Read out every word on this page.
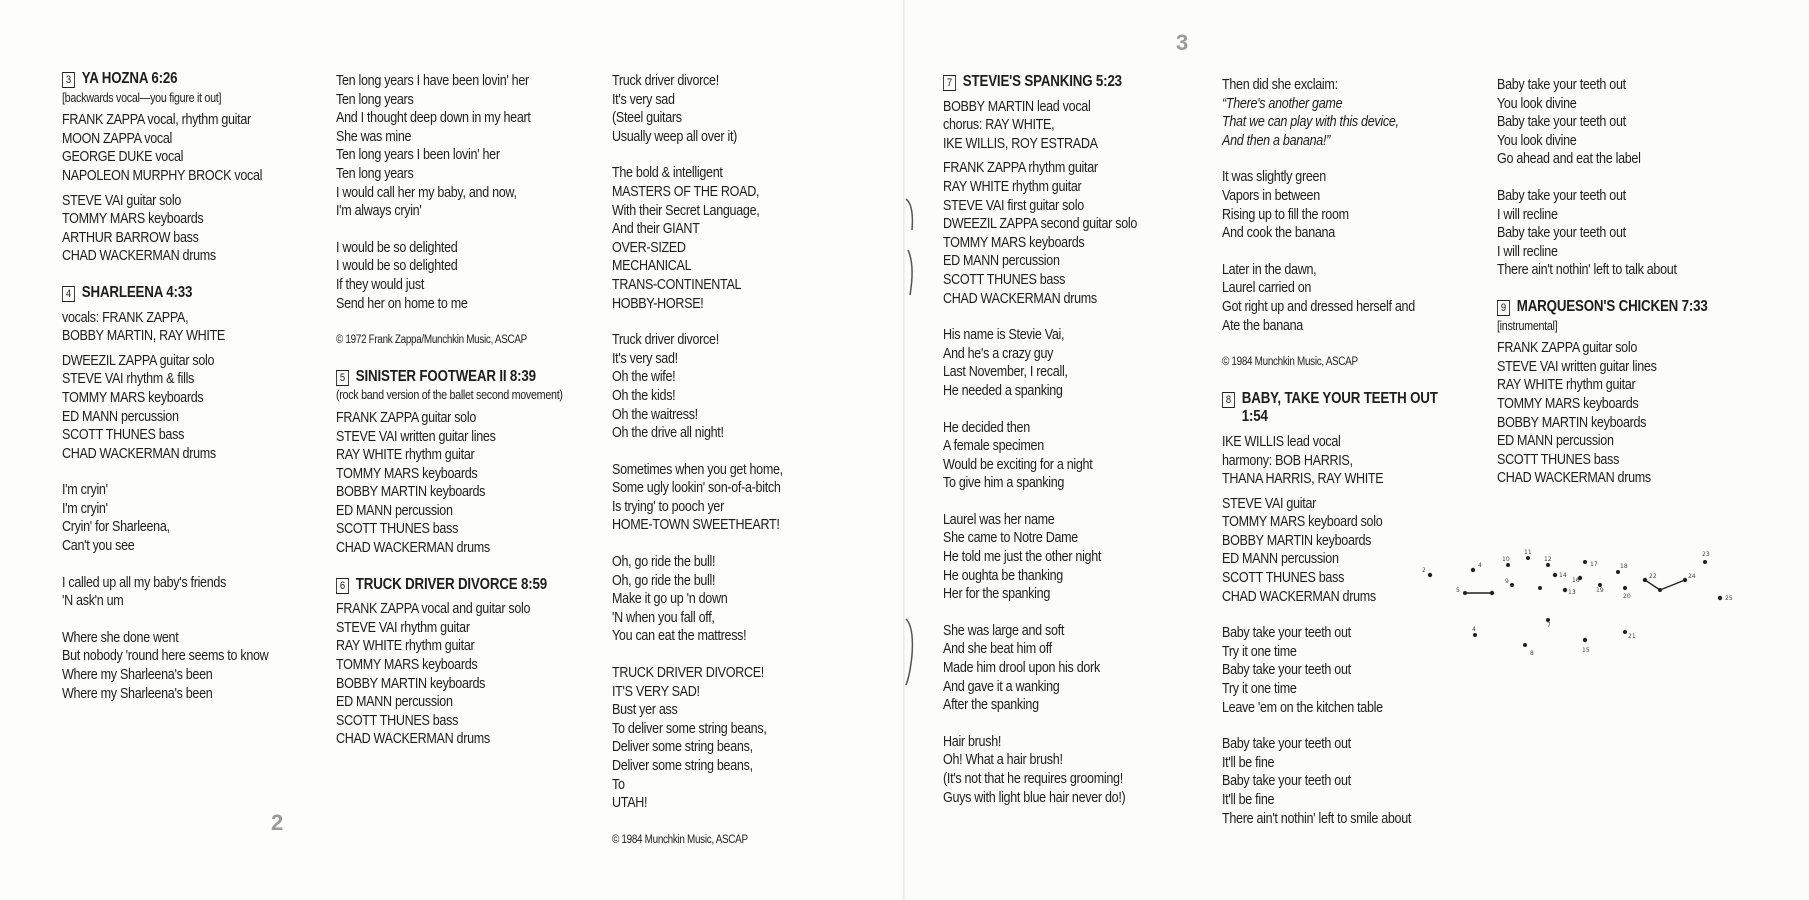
3 YA HOZNA 6:26
[backwards vocal—you figure it out]
FRANK ZAPPA vocal, rhythm guitar
MOON ZAPPA vocal
GEORGE DUKE vocal
NAPOLEON MURPHY BROCK vocal
STEVE VAI guitar solo
TOMMY MARS keyboards
ARTHUR BARROW bass
CHAD WACKERMAN drums
4 SHARLEENA 4:33
vocals: FRANK ZAPPA,
BOBBY MARTIN, RAY WHITE
DWEEZIL ZAPPA guitar solo
STEVE VAI rhythm & fills
TOMMY MARS keyboards
ED MANN percussion
SCOTT THUNES bass
CHAD WACKERMAN drums
I'm cryin'
I'm cryin'
Cryin' for Sharleena,
Can't you see
I called up all my baby's friends
'N ask'n um
Where she done went
But nobody 'round here seems to know
Where my Sharleena's been
Where my Sharleena's been
Ten long years I have been lovin' her
Ten long years
And I thought deep down in my heart
She was mine
Ten long years I been lovin' her
Ten long years
I would call her my baby, and now,
I'm always cryin'
I would be so delighted
I would be so delighted
If they would just
Send her on home to me
© 1972 Frank Zappa/Munchkin Music, ASCAP
5 SINISTER FOOTWEAR II 8:39
(rock band version of the ballet second movement)
FRANK ZAPPA guitar solo
STEVE VAI written guitar lines
RAY WHITE rhythm guitar
TOMMY MARS keyboards
BOBBY MARTIN keyboards
ED MANN percussion
SCOTT THUNES bass
CHAD WACKERMAN drums
6 TRUCK DRIVER DIVORCE 8:59
FRANK ZAPPA vocal and guitar solo
STEVE VAI rhythm guitar
RAY WHITE rhythm guitar
TOMMY MARS keyboards
BOBBY MARTIN keyboards
ED MANN percussion
SCOTT THUNES bass
CHAD WACKERMAN drums
Truck driver divorce!
It's very sad
(Steel guitars
Usually weep all over it)
The bold & intelligent
MASTERS OF THE ROAD,
With their Secret Language,
And their GIANT
OVER-SIZED
MECHANICAL
TRANS-CONTINENTAL
HOBBY-HORSE!
Truck driver divorce!
It's very sad!
Oh the wife!
Oh the kids!
Oh the waitress!
Oh the drive all night!
Sometimes when you get home,
Some ugly lookin' son-of-a-bitch
Is trying' to pooch yer
HOME-TOWN SWEETHEART!
Oh, go ride the bull!
Oh, go ride the bull!
Make it go up 'n down
'N when you fall off,
You can eat the mattress!
TRUCK DRIVER DIVORCE!
IT'S VERY SAD!
Bust yer ass
To deliver some string beans,
Deliver some string beans,
Deliver some string beans,
To
UTAH!
© 1984 Munchkin Music, ASCAP
7 STEVIE'S SPANKING 5:23
BOBBY MARTIN lead vocal
chorus: RAY WHITE,
IKE WILLIS, ROY ESTRADA
FRANK ZAPPA rhythm guitar
RAY WHITE rhythm guitar
STEVE VAI first guitar solo
DWEEZIL ZAPPA second guitar solo
TOMMY MARS keyboards
ED MANN percussion
SCOTT THUNES bass
CHAD WACKERMAN drums
His name is Stevie Vai,
And he's a crazy guy
Last November, I recall,
He needed a spanking
He decided then
A female specimen
Would be exciting for a night
To give him a spanking
Laurel was her name
She came to Notre Dame
He told me just the other night
He oughta be thanking
Her for the spanking
She was large and soft
And she beat him off
Made him drool upon his dork
And gave it a wanking
After the spanking
Hair brush!
Oh! What a hair brush!
(It's not that he requires grooming!
Guys with light blue hair never do!)
Then did she exclaim:
“There's another game
That we can play with this device,
And then a banana!”
It was slightly green
Vapors in between
Rising up to fill the room
And cook the banana
Later in the dawn,
Laurel carried on
Got right up and dressed herself and
Ate the banana
© 1984 Munchkin Music, ASCAP
8 BABY, TAKE YOUR TEETH OUT
1:54
IKE WILLIS lead vocal
harmony: BOB HARRIS,
THANA HARRIS, RAY WHITE
STEVE VAI guitar
TOMMY MARS keyboard solo
BOBBY MARTIN keyboards
ED MANN percussion
SCOTT THUNES bass
CHAD WACKERMAN drums
Baby take your teeth out
Try it one time
Baby take your teeth out
Try it one time
Leave 'em on the kitchen table
Baby take your teeth out
It'll be fine
Baby take your teeth out
It'll be fine
There ain't nothin' left to smile about
Baby take your teeth out
You look divine
Baby take your teeth out
You look divine
Go ahead and eat the label
Baby take your teeth out
I will recline
Baby take your teeth out
I will recline
There ain't nothin' left to talk about
9 MARQUESON'S CHICKEN 7:33
[instrumental]
FRANK ZAPPA guitar solo
STEVE VAI written guitar lines
RAY WHITE rhythm guitar
TOMMY MARS keyboards
BOBBY MARTIN keyboards
ED MANN percussion
SCOTT THUNES bass
CHAD WACKERMAN drums
2
3
2
4
5
10
11
9
12
14
13
17
16
19
18
20
22	24
23
25
4
8
7
15
21
